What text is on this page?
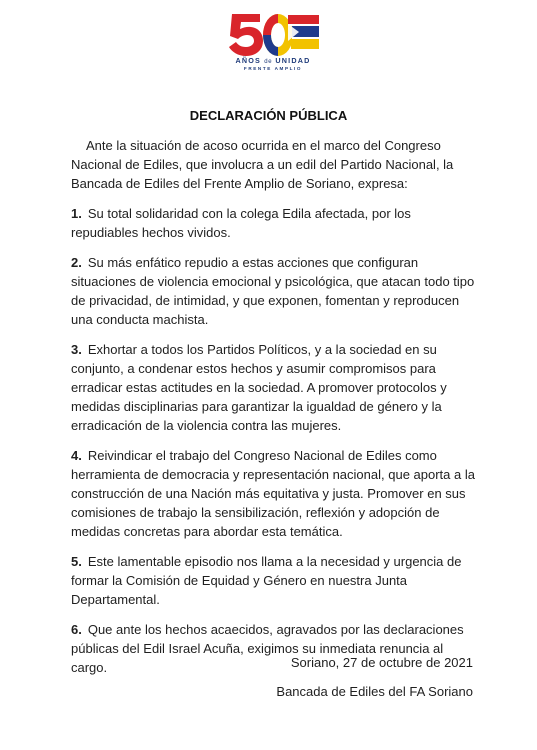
AÑOS de UNIDAD
FRENTE AMPLIO
DECLARACIÓN PÚBLICA

Ante la situación de acoso ocurrida en el marco del Congreso Nacional de Ediles, que involucra a un edil del Partido Nacional, la Bancada de Ediles del Frente Amplio de Soriano, expresa:

1. Su total solidaridad con la colega Edila afectada, por los repudiables hechos vividos.

2. Su más enfático repudio a estas acciones que configuran situaciones de violencia emocional y psicológica, que atacan todo tipo de privacidad, de intimidad, y que exponen, fomentan y reproducen una conducta machista.

3. Exhortar a todos los Partidos Políticos, y a la sociedad en su conjunto, a condenar estos hechos y asumir compromisos para erradicar estas actitudes en la sociedad. A promover protocolos y medidas disciplinarias para garantizar la igualdad de género y la erradicación de la violencia contra las mujeres.

4. Reivindicar el trabajo del Congreso Nacional de Ediles como herramienta de democracia y representación nacional, que aporta a la construcción de una Nación más equitativa y justa. Promover en sus comisiones de trabajo la sensibilización, reflexión y adopción de medidas concretas para abordar esta temática.

5. Este lamentable episodio nos llama a la necesidad y urgencia de formar la Comisión de Equidad y Género en nuestra Junta Departamental.

6. Que ante los hechos acaecidos, agravados por las declaraciones públicas del Edil Israel Acuña, exigimos su inmediata renuncia al cargo.	Soriano, 27 de octubre de 2021
Bancada de Ediles del FA Soriano
